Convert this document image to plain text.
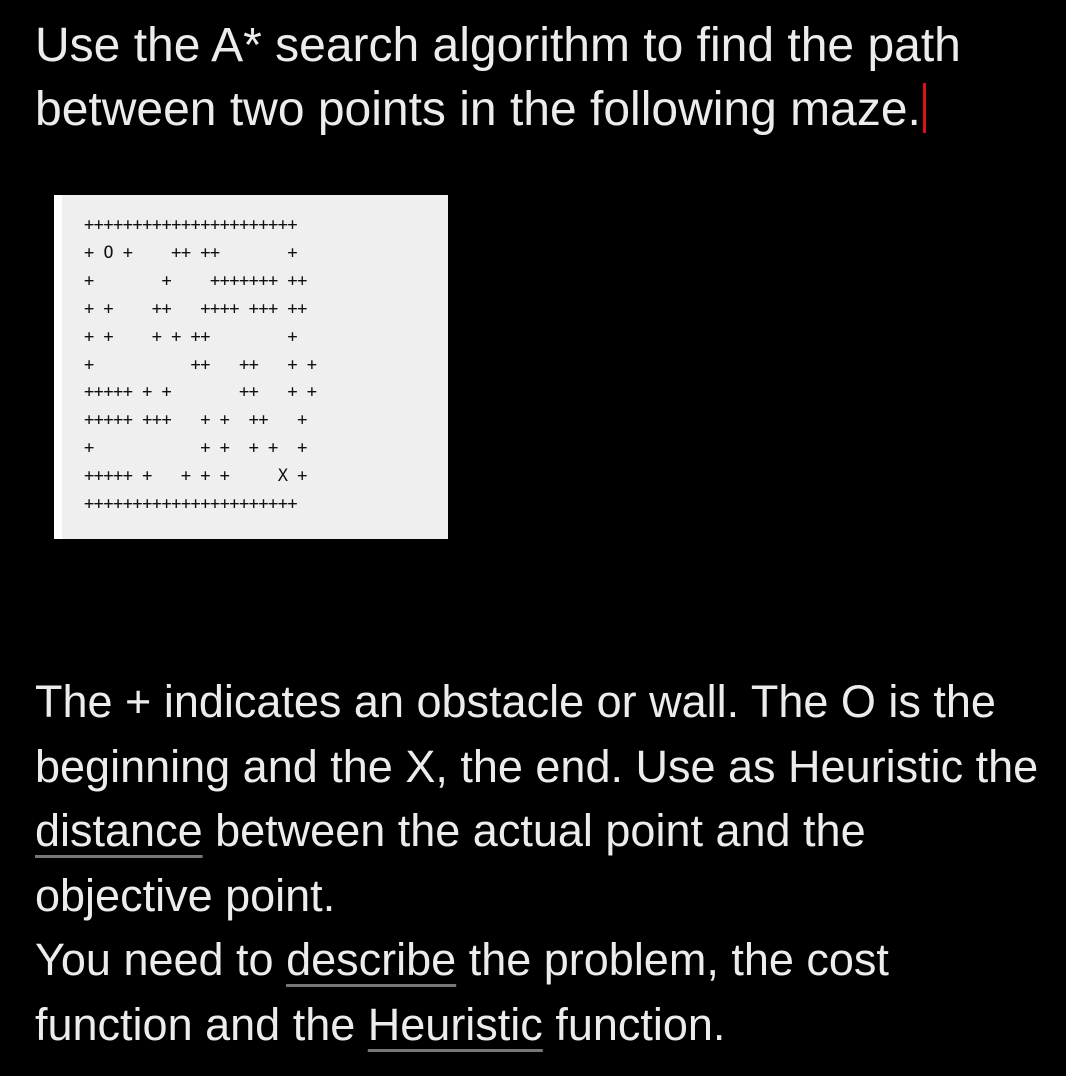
Use the A* search algorithm to find the path between two points in the following maze.

++++++++++++++++++++++
+ O +    ++ ++       +
+       +    +++++++ ++
+ +    ++   ++++ +++ ++
+ +    + + ++        +
+          ++   ++   + +
+++++ + +       ++   + +
+++++ +++   + +  ++   +
+           + +  + +  +
+++++ +   + + +     X +
++++++++++++++++++++++
The + indicates an obstacle or wall. The O is the beginning and the X, the end. Use as Heuristic the distance between the actual point and the objective point.
You need to describe the problem, the cost function and the Heuristic function.
